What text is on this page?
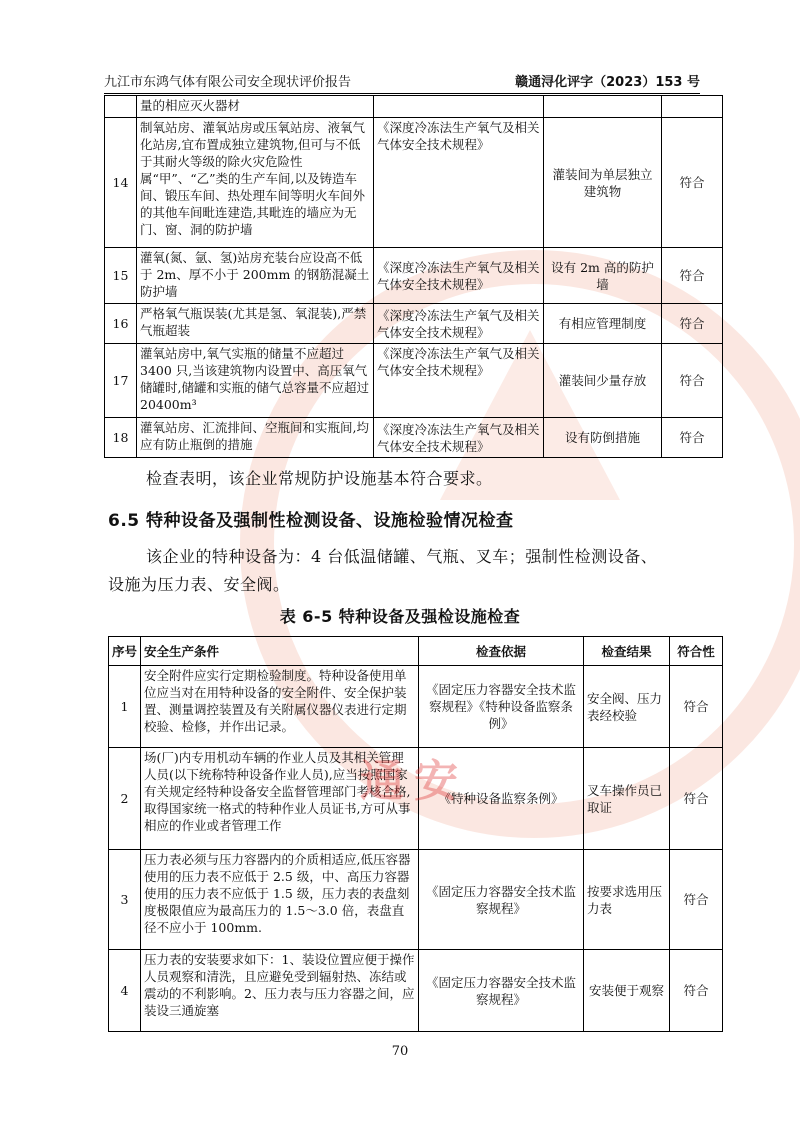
九江市东鸿气体有限公司安全现状评价报告	赣通浔化评字（2023）153 号
	量的相应灭火器材			
14	制氧站房、灌氧站房或压氧站房、液氧气化站房,宜布置成独立建筑物,但可与不低于其耐火等级的除火灾危险性属“甲”、“乙”类的生产车间,以及铸造车间、锻压车间、热处理车间等明火车间外的其他车间毗连建造,其毗连的墙应为无门、窗、洞的防护墙	《深度冷冻法生产氧气及相关气体安全技术规程》	灌装间为单层独立建筑物	符合
15	灌氧(氮、氩、氢)站房充装台应设高不低于 2m、厚不小于 200mm 的钢筋混凝土防护墙	《深度冷冻法生产氧气及相关气体安全技术规程》	设有 2m 高的防护墙	符合
16	严格氧气瓶误装(尤其是氢、氧混装),严禁气瓶超装	《深度冷冻法生产氧气及相关气体安全技术规程》	有相应管理制度	符合
17	灌氧站房中,氧气实瓶的储量不应超过3400 只,当该建筑物内设置中、高压氧气储罐时,储罐和实瓶的储气总容量不应超过 20400m³	《深度冷冻法生产氧气及相关气体安全技术规程》	灌装间少量存放	符合
18	灌氧站房、汇流排间、空瓶间和实瓶间,均应有防止瓶倒的措施	《深度冷冻法生产氧气及相关气体安全技术规程》	设有防倒措施	符合
检查表明，该企业常规防护设施基本符合要求。
6.5 特种设备及强制性检测设备、设施检验情况检查
该企业的特种设备为：4 台低温储罐、气瓶、叉车；强制性检测设备、
设施为压力表、安全阀。
表 6-5 特种设备及强检设施检查
序号	安全生产条件	检查依据	检查结果	符合性
1	安全附件应实行定期检验制度。特种设备使用单位应当对在用特种设备的安全附件、安全保护装置、测量调控装置及有关附属仪器仪表进行定期校验、检修，并作出记录。	《固定压力容器安全技术监察规程》《特种设备监察条例》	安全阀、压力表经校验	符合
2	场(厂)内专用机动车辆的作业人员及其相关管理人员(以下统称特种设备作业人员),应当按照国家有关规定经特种设备安全监督管理部门考核合格,取得国家统一格式的特种作业人员证书,方可从事相应的作业或者管理工作	《特种设备监察条例》	叉车操作员已取证	符合
3	压力表必须与压力容器内的介质相适应,低压容器使用的压力表不应低于 2.5 级，中、高压力容器使用的压力表不应低于 1.5 级，压力表的表盘刻度极限值应为最高压力的 1.5～3.0 倍，表盘直径不应小于 100mm.	《固定压力容器安全技术监察规程》	按要求选用压力表	符合
4	压力表的安装要求如下：1、装设位置应便于操作人员观察和清洗，且应避免受到辐射热、冻结或震动的不利影响。2、压力表与压力容器之间，应装设三通旋塞	《固定压力容器安全技术监察规程》	安装便于观察	符合
通安
70
